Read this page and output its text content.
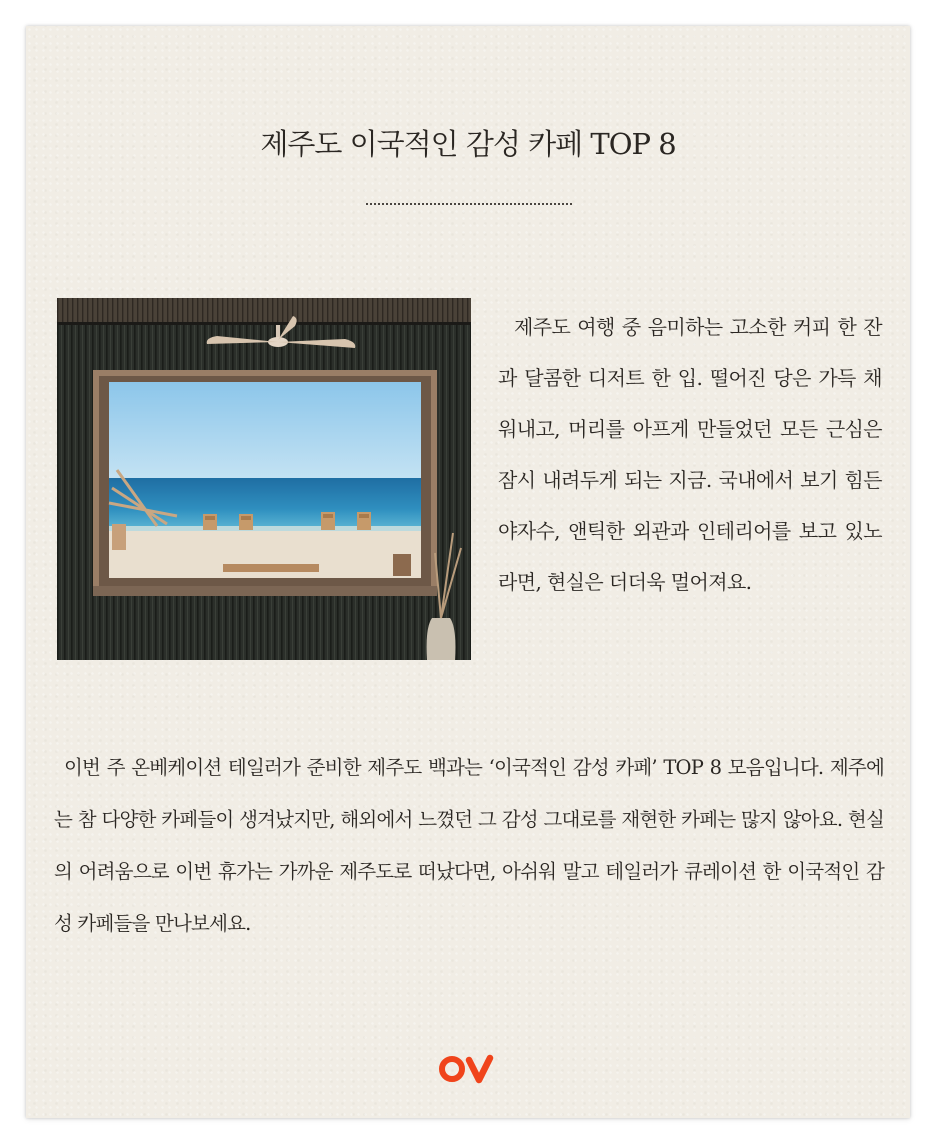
제주도 이국적인 감성 카페 TOP 8

제주도 여행 중 음미하는 고소한 커피 한 잔과 달콤한 디저트 한 입. 떨어진 당은 가득 채워내고, 머리를 아프게 만들었던 모든 근심은 잠시 내려두게 되는 지금. 국내에서 보기 힘든 야자수, 앤틱한 외관과 인테리어를 보고 있노라면, 현실은 더더욱 멀어져요.

이번 주 온베케이션 테일러가 준비한 제주도 백과는 ‘이국적인 감성 카페’ TOP 8 모음입니다. 제주에는 참 다양한 카페들이 생겨났지만, 해외에서 느꼈던 그 감성 그대로를 재현한 카페는 많지 않아요. 현실의 어려움으로 이번 휴가는 가까운 제주도로 떠났다면, 아쉬워 말고 테일러가 큐레이션 한 이국적인 감성 카페들을 만나보세요.
